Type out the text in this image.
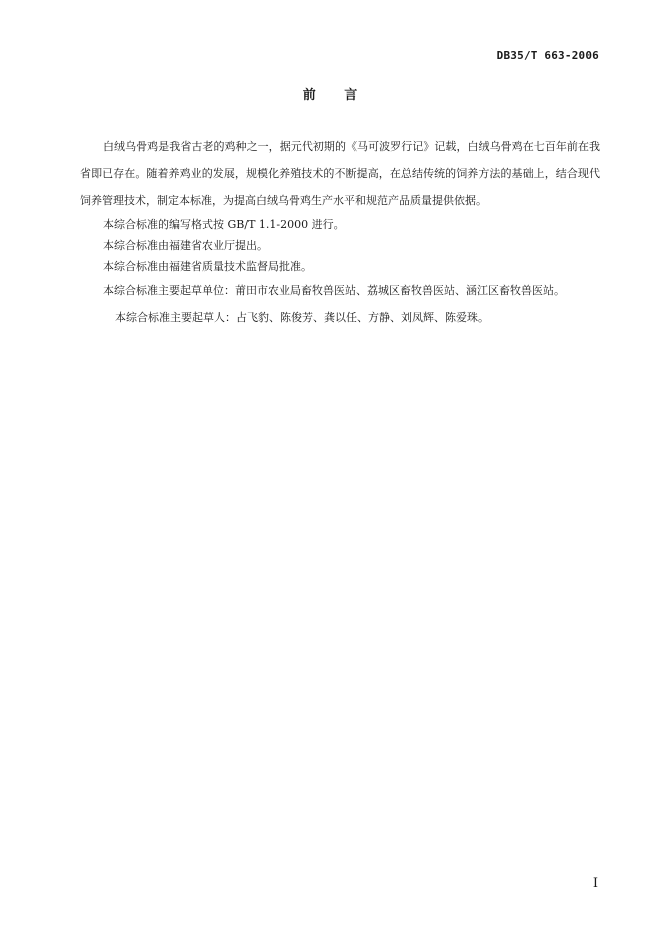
DB35/T 663-2006
前 言

白绒乌骨鸡是我省古老的鸡种之一，据元代初期的《马可波罗行记》记载，白绒乌骨鸡在七百年前在我省即已存在。随着养鸡业的发展，规模化养殖技术的不断提高，在总结传统的饲养方法的基础上，结合现代饲养管理技术，制定本标准，为提高白绒乌骨鸡生产水平和规范产品质量提供依据。

本综合标准的编写格式按 GB/T 1.1-2000 进行。

本综合标准由福建省农业厅提出。

本综合标准由福建省质量技术监督局批准。

本综合标准主要起草单位：莆田市农业局畜牧兽医站、荔城区畜牧兽医站、涵江区畜牧兽医站。

本综合标准主要起草人：占飞豹、陈俊芳、龚以任、方静、刘凤辉、陈爱珠。

I
